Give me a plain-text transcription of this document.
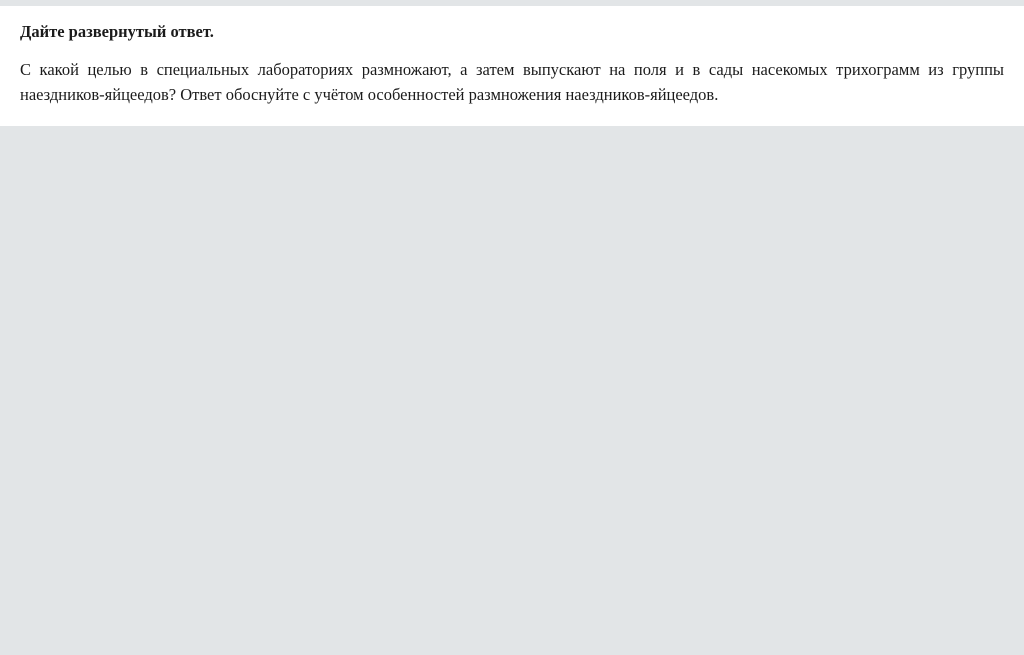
Дайте развернутый ответ.

С какой целью в специальных лабораториях размножают, а затем выпускают на поля и в сады насекомых трихограмм из группы наездников-яйцеедов? Ответ обоснуйте с учётом особенностей размножения наездников-яйцеедов.
